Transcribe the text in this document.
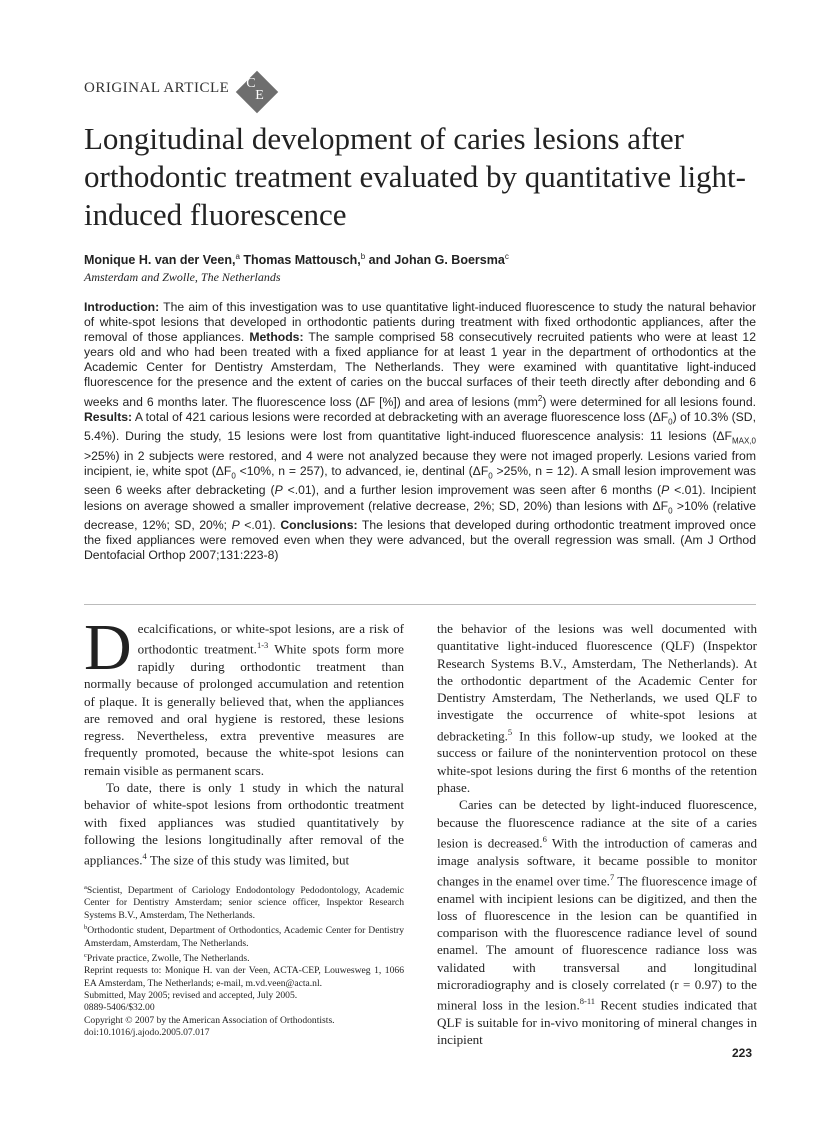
ORIGINAL ARTICLE C
E
Longitudinal development of caries lesions after orthodontic treatment evaluated by quantitative light-induced fluorescence
Monique H. van der Veen,$^a$ Thomas Mattousch,$^b$ and Johan G. Boersma$^c$
Amsterdam and Zwolle, The Netherlands

Introduction: The aim of this investigation was to use quantitative light-induced fluorescence to study the natural behavior of white-spot lesions that developed in orthodontic patients during treatment with fixed orthodontic appliances, after the removal of those appliances. Methods: The sample comprised 58 consecutively recruited patients who were at least 12 years old and who had been treated with a fixed appliance for at least 1 year in the department of orthodontics at the Academic Center for Dentistry Amsterdam, The Netherlands. They were examined with quantitative light-induced fluorescence for the presence and the extent of caries on the buccal surfaces of their teeth directly after debonding and 6 weeks and 6 months later. The fluorescence loss (ΔF [%]) and area of lesions $(mm^2)$ were determined for all lesions found. Results: A total of 421 carious lesions were recorded at debracketing with an average fluorescence loss $(\Delta F_0)$ of 10.3% (SD, 5.4%). During the study, 15 lesions were lost from quantitative light-induced fluorescence analysis: 11 lesions $(\Delta F_{MAX,0} >25\%)$ in 2 subjects were restored, and 4 were not analyzed because they were not imaged properly. Lesions varied from incipient, ie, white spot ($\Delta F_0 <10\%$, n = 257), to advanced, ie, dentinal ($\Delta F_0 >25\%$, n = 12). A small lesion improvement was seen 6 weeks after debracketing (P <.01), and a further lesion improvement was seen after 6 months (P <.01). Incipient lesions on average showed a smaller improvement (relative decrease, 2%; SD, 20%) than lesions with $\Delta F_0 >10\%$ (relative decrease, 12%; SD, 20%; P <.01). Conclusions: The lesions that developed during orthodontic treatment improved once the fixed appliances were removed even when they were advanced, but the overall regression was small. (Am J Orthod Dentofacial Orthop 2007;131:223-8)

Decalcifications, or white-spot lesions, are a risk of orthodontic treatment.$^{1-3}$ White spots form more rapidly during orthodontic treatment than normally because of prolonged accumulation and retention of plaque. It is generally believed that, when the appliances are removed and oral hygiene is restored, these lesions regress. Nevertheless, extra preventive measures are frequently promoted, because the white-spot lesions can remain visible as permanent scars.

To date, there is only 1 study in which the natural behavior of white-spot lesions from orthodontic treatment with fixed appliances was studied quantitatively by following the lesions longitudinally after removal of the appliances.$^4$ The size of this study was limited, but

the behavior of the lesions was well documented with quantitative light-induced fluorescence (QLF) (Inspektor Research Systems B.V., Amsterdam, The Netherlands). At the orthodontic department of the Academic Center for Dentistry Amsterdam, The Netherlands, we used QLF to investigate the occurrence of white-spot lesions at debracketing.$^5$ In this follow-up study, we looked at the success or failure of the nonintervention protocol on these white-spot lesions during the first 6 months of the retention phase.

Caries can be detected by light-induced fluorescence, because the fluorescence radiance at the site of a caries lesion is decreased.$^6$ With the introduction of cameras and image analysis software, it became possible to monitor changes in the enamel over time.$^7$ The fluorescence image of enamel with incipient lesions can be digitized, and then the loss of fluorescence in the lesion can be quantified in comparison with the fluorescence radiance level of sound enamel. The amount of fluorescence radiance loss was validated with transversal and longitudinal microradiography and is closely correlated (r = 0.97) to the mineral loss in the lesion.$^{8-11}$ Recent studies indicated that QLF is suitable for in-vivo monitoring of mineral changes in incipient

$^a$Scientist, Department of Cariology Endodontology Pedodontology, Academic Center for Dentistry Amsterdam; senior science officer, Inspektor Research Systems B.V., Amsterdam, The Netherlands.

$^b$Orthodontic student, Department of Orthodontics, Academic Center for Dentistry Amsterdam, Amsterdam, The Netherlands.

$^c$Private practice, Zwolle, The Netherlands.

Reprint requests to: Monique H. van der Veen, ACTA-CEP, Louwesweg 1, 1066 EA Amsterdam, The Netherlands; e-mail, m.vd.veen@acta.nl.

Submitted, May 2005; revised and accepted, July 2005.

0889-5406/$32.00

Copyright © 2007 by the American Association of Orthodontists.

doi:10.1016/j.ajodo.2005.07.017

223
